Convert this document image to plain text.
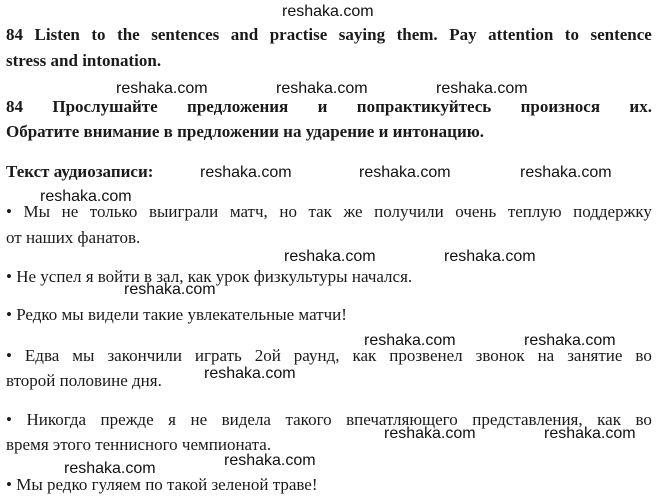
reshaka.com
reshaka.com	reshaka.com	reshaka.com
reshaka.com	reshaka.com	reshaka.com
reshaka.com
reshaka.com	reshaka.com
reshaka.com
reshaka.com	reshaka.com
reshaka.com
reshaka.com	reshaka.com
reshaka.com
reshaka.com
84 Listen to the sentences and practise saying them. Pay attention to sentence
stress and intonation.
84 Прослушайте предложения и попрактикуйтесь произнося их.
Обратите внимание в предложении на ударение и интонацию.
Текст аудиозаписи:
• Мы не только выиграли матч, но так же получили очень теплую поддержку
от наших фанатов.
• Не успел я войти в зал, как урок физкультуры начался.
• Редко мы видели такие увлекательные матчи!
• Едва мы закончили играть 2ой раунд, как прозвенел звонок на занятие во
второй половине дня.
• Никогда прежде я не видела такого впечатляющего представления, как во
время этого теннисного чемпионата.
• Мы редко гуляем по такой зеленой траве!
